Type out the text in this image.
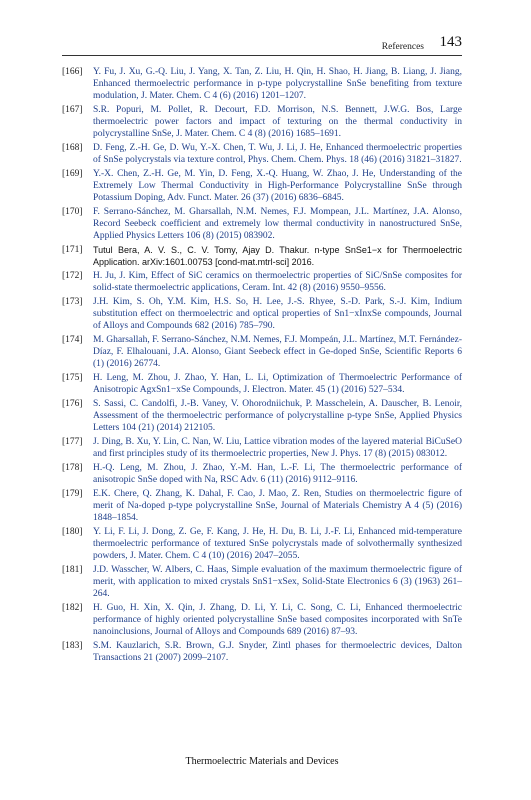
References 143
[166]	Y. Fu, J. Xu, G.-Q. Liu, J. Yang, X. Tan, Z. Liu, H. Qin, H. Shao, H. Jiang, B. Liang, J. Jiang, Enhanced thermoelectric performance in p-type polycrystalline SnSe benefiting from texture modulation, J. Mater. Chem. C 4 (6) (2016) 1201–1207.
[167]	S.R. Popuri, M. Pollet, R. Decourt, F.D. Morrison, N.S. Bennett, J.W.G. Bos, Large thermoelectric power factors and impact of texturing on the thermal conductivity in polycrystalline SnSe, J. Mater. Chem. C 4 (8) (2016) 1685–1691.
[168]	D. Feng, Z.-H. Ge, D. Wu, Y.-X. Chen, T. Wu, J. Li, J. He, Enhanced thermoelectric properties of SnSe polycrystals via texture control, Phys. Chem. Chem. Phys. 18 (46) (2016) 31821–31827.
[169]	Y.-X. Chen, Z.-H. Ge, M. Yin, D. Feng, X.-Q. Huang, W. Zhao, J. He, Understanding of the Extremely Low Thermal Conductivity in High-Performance Polycrystalline SnSe through Potassium Doping, Adv. Funct. Mater. 26 (37) (2016) 6836–6845.
[170]	F. Serrano-Sánchez, M. Gharsallah, N.M. Nemes, F.J. Mompean, J.L. Martínez, J.A. Alonso, Record Seebeck coefficient and extremely low thermal conductivity in nanostructured SnSe, Applied Physics Letters 106 (8) (2015) 083902.
[171]	Tutul Bera, A. V. S., C. V. Tomy, Ajay D. Thakur. n-type SnSe1−x for Thermoelectric Application. arXiv:1601.00753 [cond-mat.mtrl-sci] 2016.
[172]	H. Ju, J. Kim, Effect of SiC ceramics on thermoelectric properties of SiC/SnSe composites for solid-state thermoelectric applications, Ceram. Int. 42 (8) (2016) 9550–9556.
[173]	J.H. Kim, S. Oh, Y.M. Kim, H.S. So, H. Lee, J.-S. Rhyee, S.-D. Park, S.-J. Kim, Indium substitution effect on thermoelectric and optical properties of Sn1−xInxSe compounds, Journal of Alloys and Compounds 682 (2016) 785–790.
[174]	M. Gharsallah, F. Serrano-Sánchez, N.M. Nemes, F.J. Mompeán, J.L. Martínez, M.T. Fernández-Díaz, F. Elhalouani, J.A. Alonso, Giant Seebeck effect in Ge-doped SnSe, Scientific Reports 6 (1) (2016) 26774.
[175]	H. Leng, M. Zhou, J. Zhao, Y. Han, L. Li, Optimization of Thermoelectric Performance of Anisotropic AgxSn1−xSe Compounds, J. Electron. Mater. 45 (1) (2016) 527–534.
[176]	S. Sassi, C. Candolfi, J.-B. Vaney, V. Ohorodniichuk, P. Masschelein, A. Dauscher, B. Lenoir, Assessment of the thermoelectric performance of polycrystalline p-type SnSe, Applied Physics Letters 104 (21) (2014) 212105.
[177]	J. Ding, B. Xu, Y. Lin, C. Nan, W. Liu, Lattice vibration modes of the layered material BiCuSeO and first principles study of its thermoelectric properties, New J. Phys. 17 (8) (2015) 083012.
[178]	H.-Q. Leng, M. Zhou, J. Zhao, Y.-M. Han, L.-F. Li, The thermoelectric performance of anisotropic SnSe doped with Na, RSC Adv. 6 (11) (2016) 9112–9116.
[179]	E.K. Chere, Q. Zhang, K. Dahal, F. Cao, J. Mao, Z. Ren, Studies on thermoelectric figure of merit of Na-doped p-type polycrystalline SnSe, Journal of Materials Chemistry A 4 (5) (2016) 1848–1854.
[180]	Y. Li, F. Li, J. Dong, Z. Ge, F. Kang, J. He, H. Du, B. Li, J.-F. Li, Enhanced mid-temperature thermoelectric performance of textured SnSe polycrystals made of solvothermally synthesized powders, J. Mater. Chem. C 4 (10) (2016) 2047–2055.
[181]	J.D. Wasscher, W. Albers, C. Haas, Simple evaluation of the maximum thermoelectric figure of merit, with application to mixed crystals SnS1−xSex, Solid-State Electronics 6 (3) (1963) 261–264.
[182]	H. Guo, H. Xin, X. Qin, J. Zhang, D. Li, Y. Li, C. Song, C. Li, Enhanced thermoelectric performance of highly oriented polycrystalline SnSe based composites incorporated with SnTe nanoinclusions, Journal of Alloys and Compounds 689 (2016) 87–93.
[183]	S.M. Kauzlarich, S.R. Brown, G.J. Snyder, Zintl phases for thermoelectric devices, Dalton Transactions 21 (2007) 2099–2107.
Thermoelectric Materials and Devices
